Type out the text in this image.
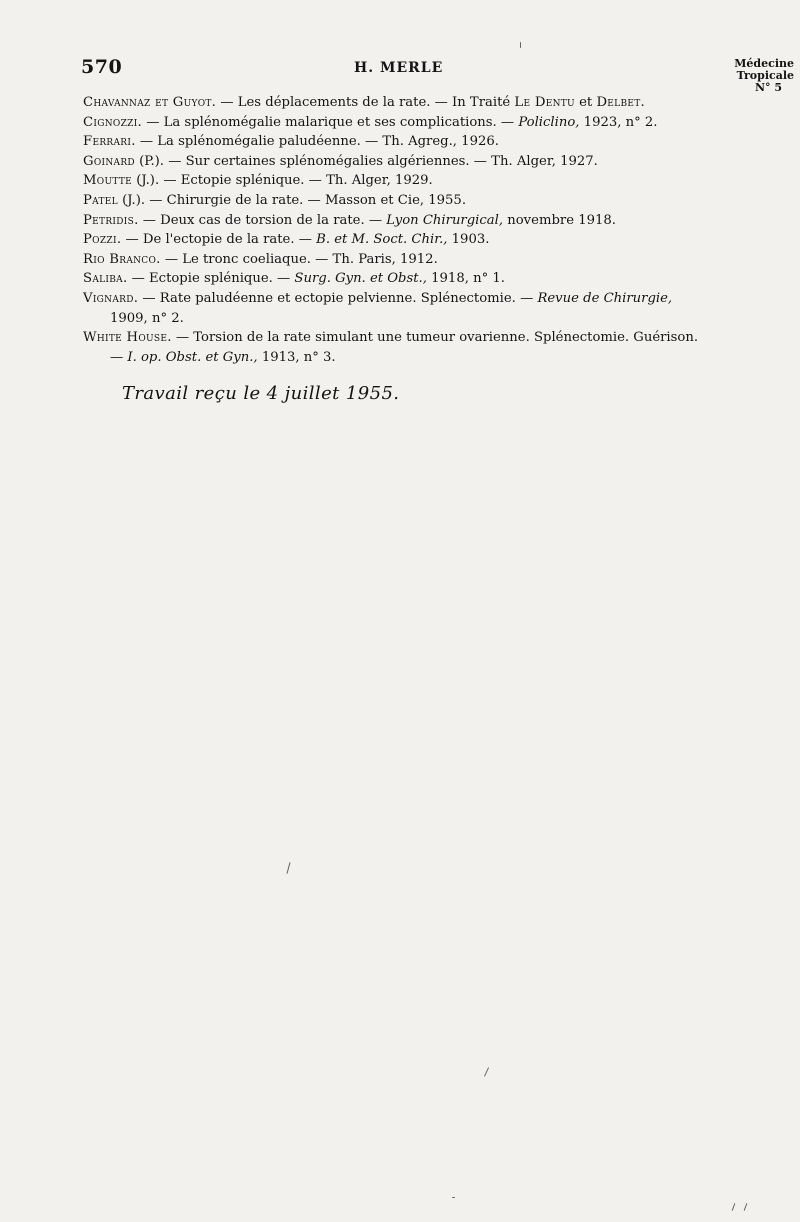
570	H. MERLE	Médecine
Tropicale
N° 5
Chavannaz et Guyot. — Les déplacements de la rate. — In Traité Le Dentu et Delbet.
Cignozzi. — La splénomégalie malarique et ses complications. — Policlino, 1923, n° 2.
Ferrari. — La splénomégalie paludéenne. — Th. Agreg., 1926.
Goinard (P.). — Sur certaines splénomégalies algériennes. — Th. Alger, 1927.
Moutte (J.). — Ectopie splénique. — Th. Alger, 1929.
Patel (J.). — Chirurgie de la rate. — Masson et Cie, 1955.
Petridis. — Deux cas de torsion de la rate. — Lyon Chirurgical, novembre 1918.
Pozzi. — De l'ectopie de la rate. — B. et M. Soct. Chir., 1903.
Rio Branco. — Le tronc coeliaque. — Th. Paris, 1912.
Saliba. — Ectopie splénique. — Surg. Gyn. et Obst., 1918, n° 1.
Vignard. — Rate paludéenne et ectopie pelvienne. Splénectomie. — Revue de Chirurgie, 1909, n° 2.
White House. — Torsion de la rate simulant une tumeur ovarienne. Splénectomie. Guérison. — I. op. Obst. et Gyn., 1913, n° 3.
Travail reçu le 4 juillet 1955.
